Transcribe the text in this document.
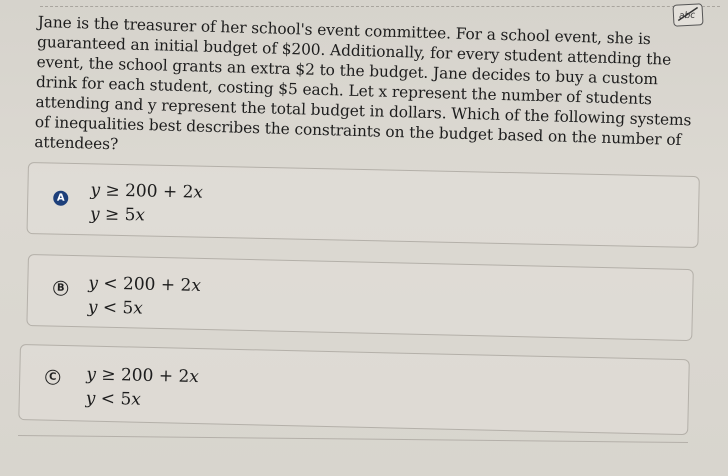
abc
Jane is the treasurer of her school's event committee. For a school event, she is guaranteed an initial budget of $200. Additionally, for every student attending the event, the school grants an extra $2 to the budget. Jane decides to buy a custom drink for each student, costing $5 each. Let x represent the number of students attending and y represent the total budget in dollars. Which of the following systems of inequalities best describes the constraints on the budget based on the number of attendees?
A y ≥ 200 + 2x
y ≥ 5x
B y < 200 + 2x
y < 5x
C y ≥ 200 + 2x
y < 5x
